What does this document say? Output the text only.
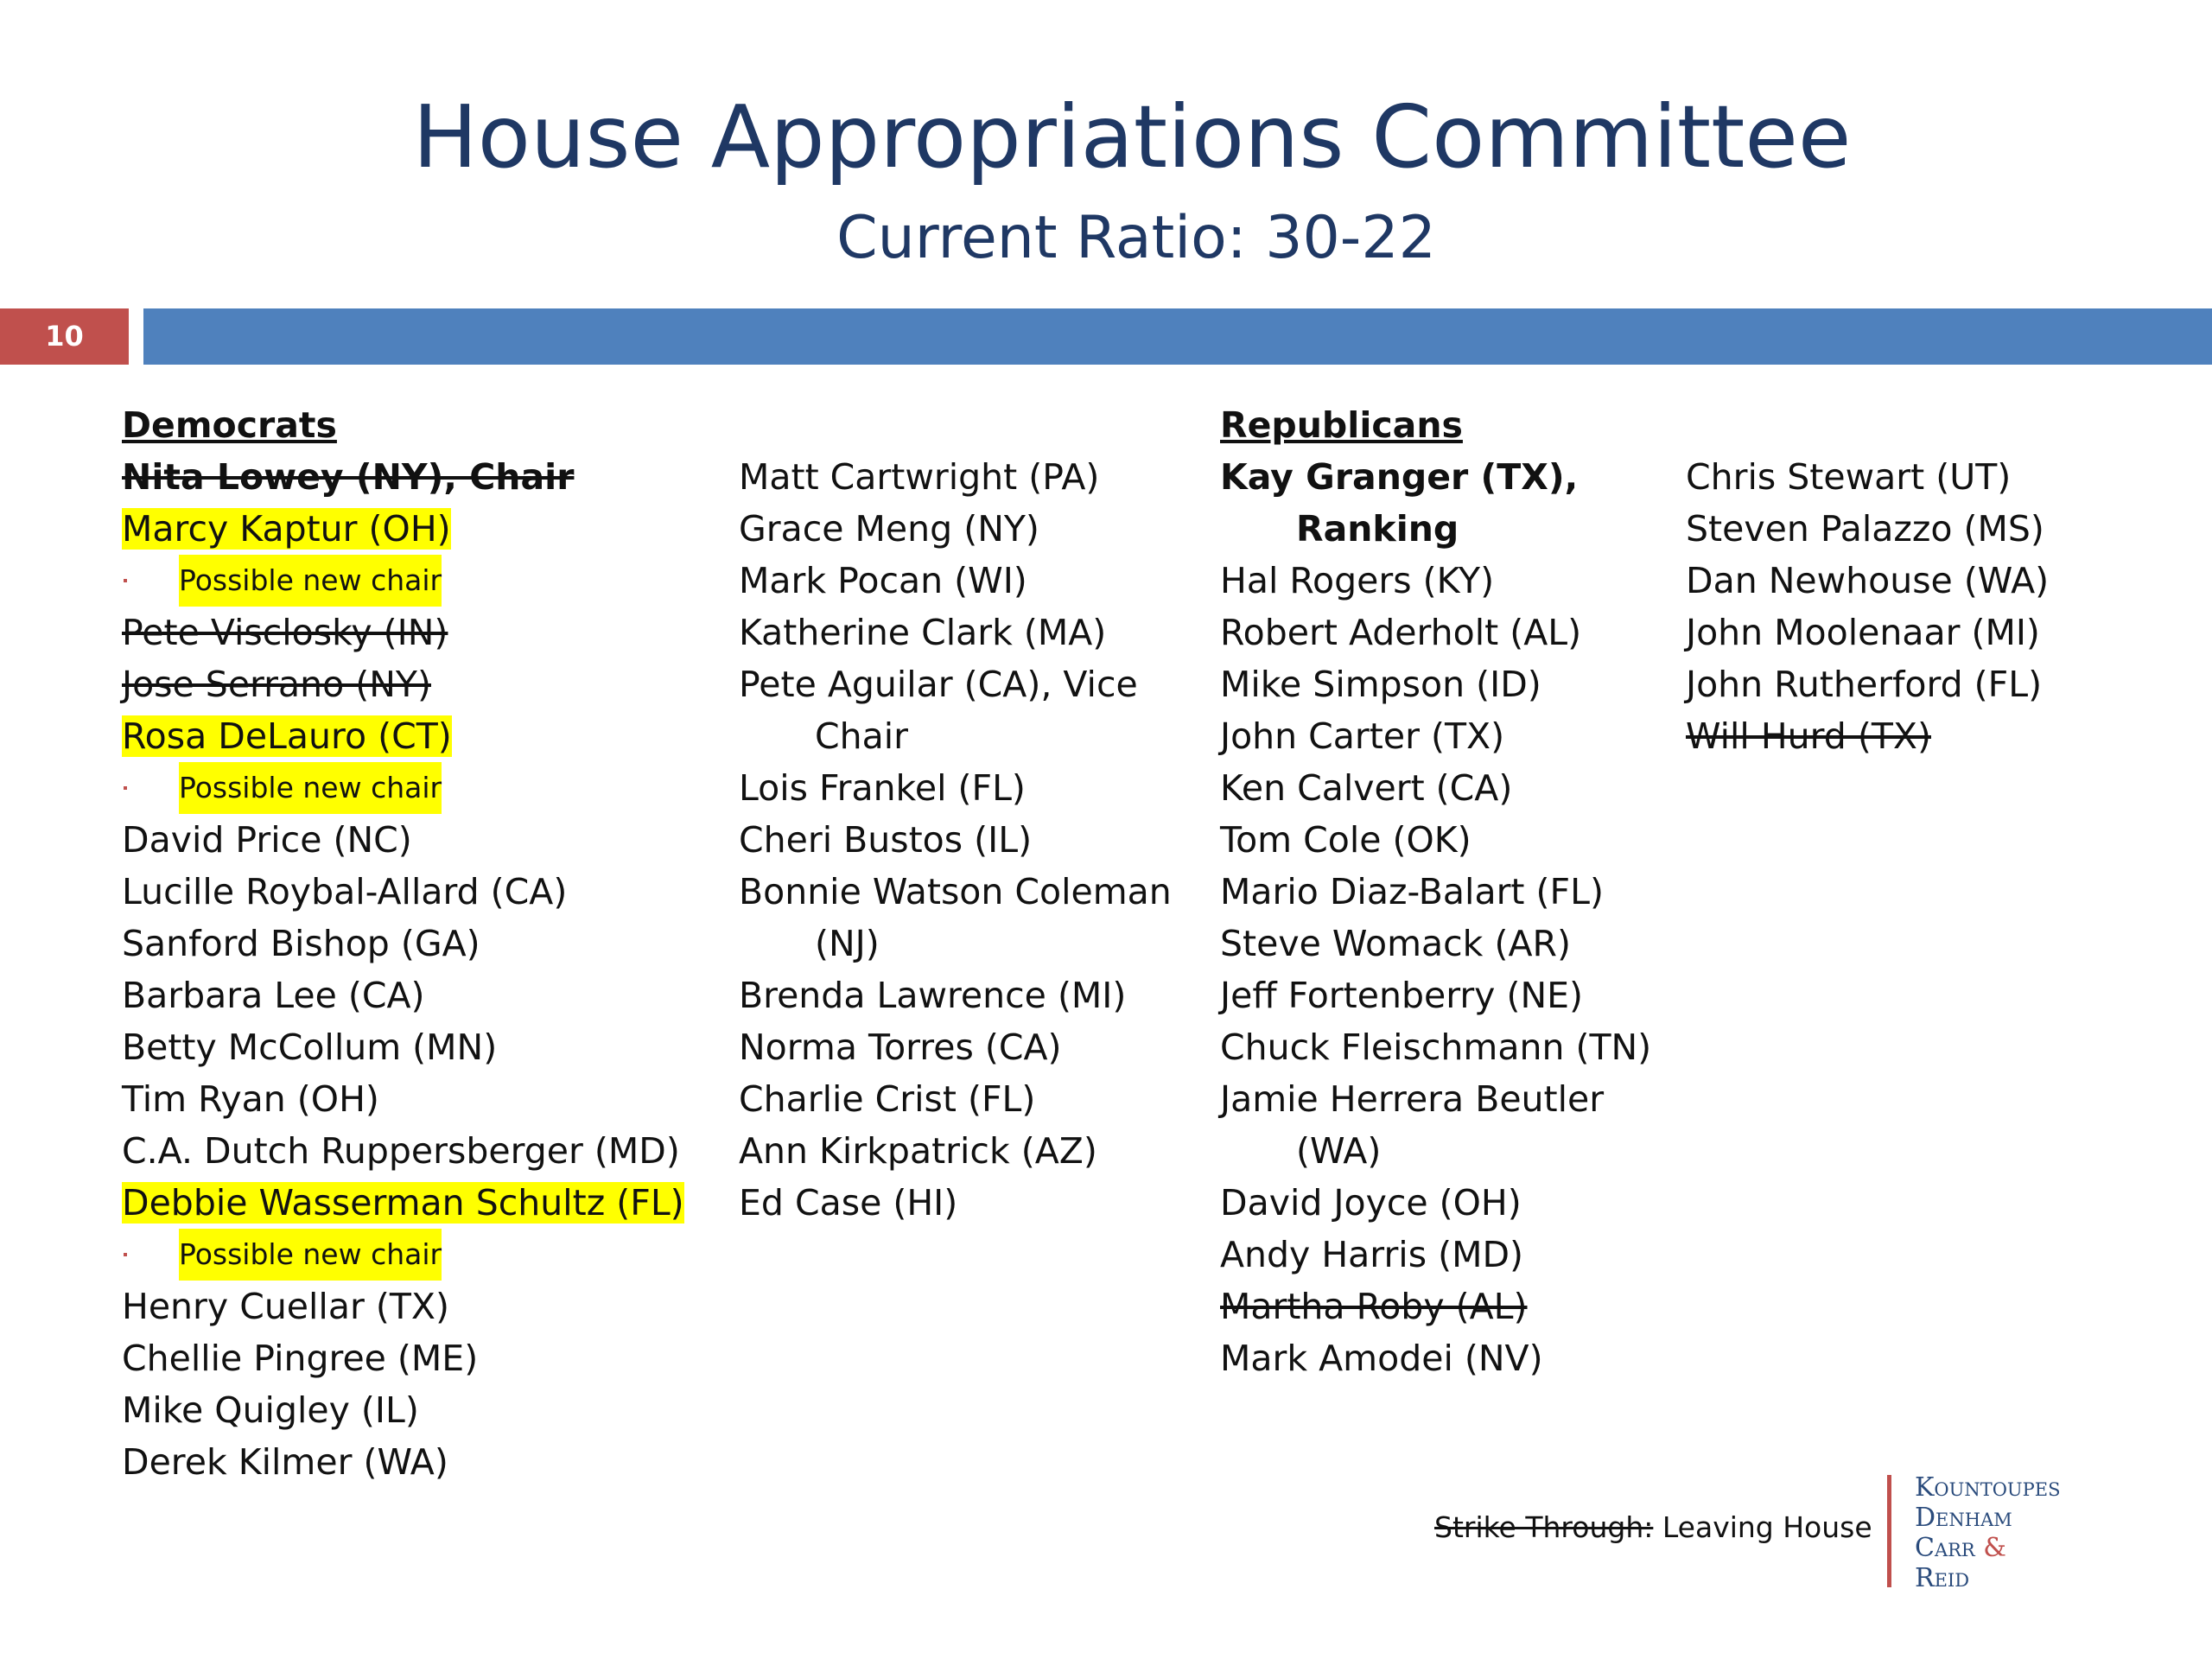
House Appropriations Committee
Current Ratio: 30-22
10
Democrats
Nita Lowey (NY), Chair
Marcy Kaptur (OH)
Possible new chair
Pete Visclosky (IN)
Jose Serrano (NY)
Rosa DeLauro (CT)
Possible new chair
David Price (NC)
Lucille Roybal-Allard (CA)
Sanford Bishop (GA)
Barbara Lee (CA)
Betty McCollum (MN)
Tim Ryan (OH)
C.A. Dutch Ruppersberger (MD)
Debbie Wasserman Schultz (FL)
Possible new chair
Henry Cuellar (TX)
Chellie Pingree (ME)
Mike Quigley (IL)
Derek Kilmer (WA)
Matt Cartwright (PA)
Grace Meng (NY)
Mark Pocan (WI)
Katherine Clark (MA)
Pete Aguilar (CA), Vice
Chair
Lois Frankel (FL)
Cheri Bustos (IL)
Bonnie Watson Coleman
(NJ)
Brenda Lawrence (MI)
Norma Torres (CA)
Charlie Crist (FL)
Ann Kirkpatrick (AZ)
Ed Case (HI)
Republicans
Kay Granger (TX),
Ranking
Hal Rogers (KY)
Robert Aderholt (AL)
Mike Simpson (ID)
John Carter (TX)
Ken Calvert (CA)
Tom Cole (OK)
Mario Diaz-Balart (FL)
Steve Womack (AR)
Jeff Fortenberry (NE)
Chuck Fleischmann (TN)
Jamie Herrera Beutler
(WA)
David Joyce (OH)
Andy Harris (MD)
Martha Roby (AL)
Mark Amodei (NV)
Chris Stewart (UT)
Steven Palazzo (MS)
Dan Newhouse (WA)
John Moolenaar (MI)
John Rutherford (FL)
Will Hurd (TX)
Strike Through: Leaving House
Kountoupes
Denham
Carr &
Reid
